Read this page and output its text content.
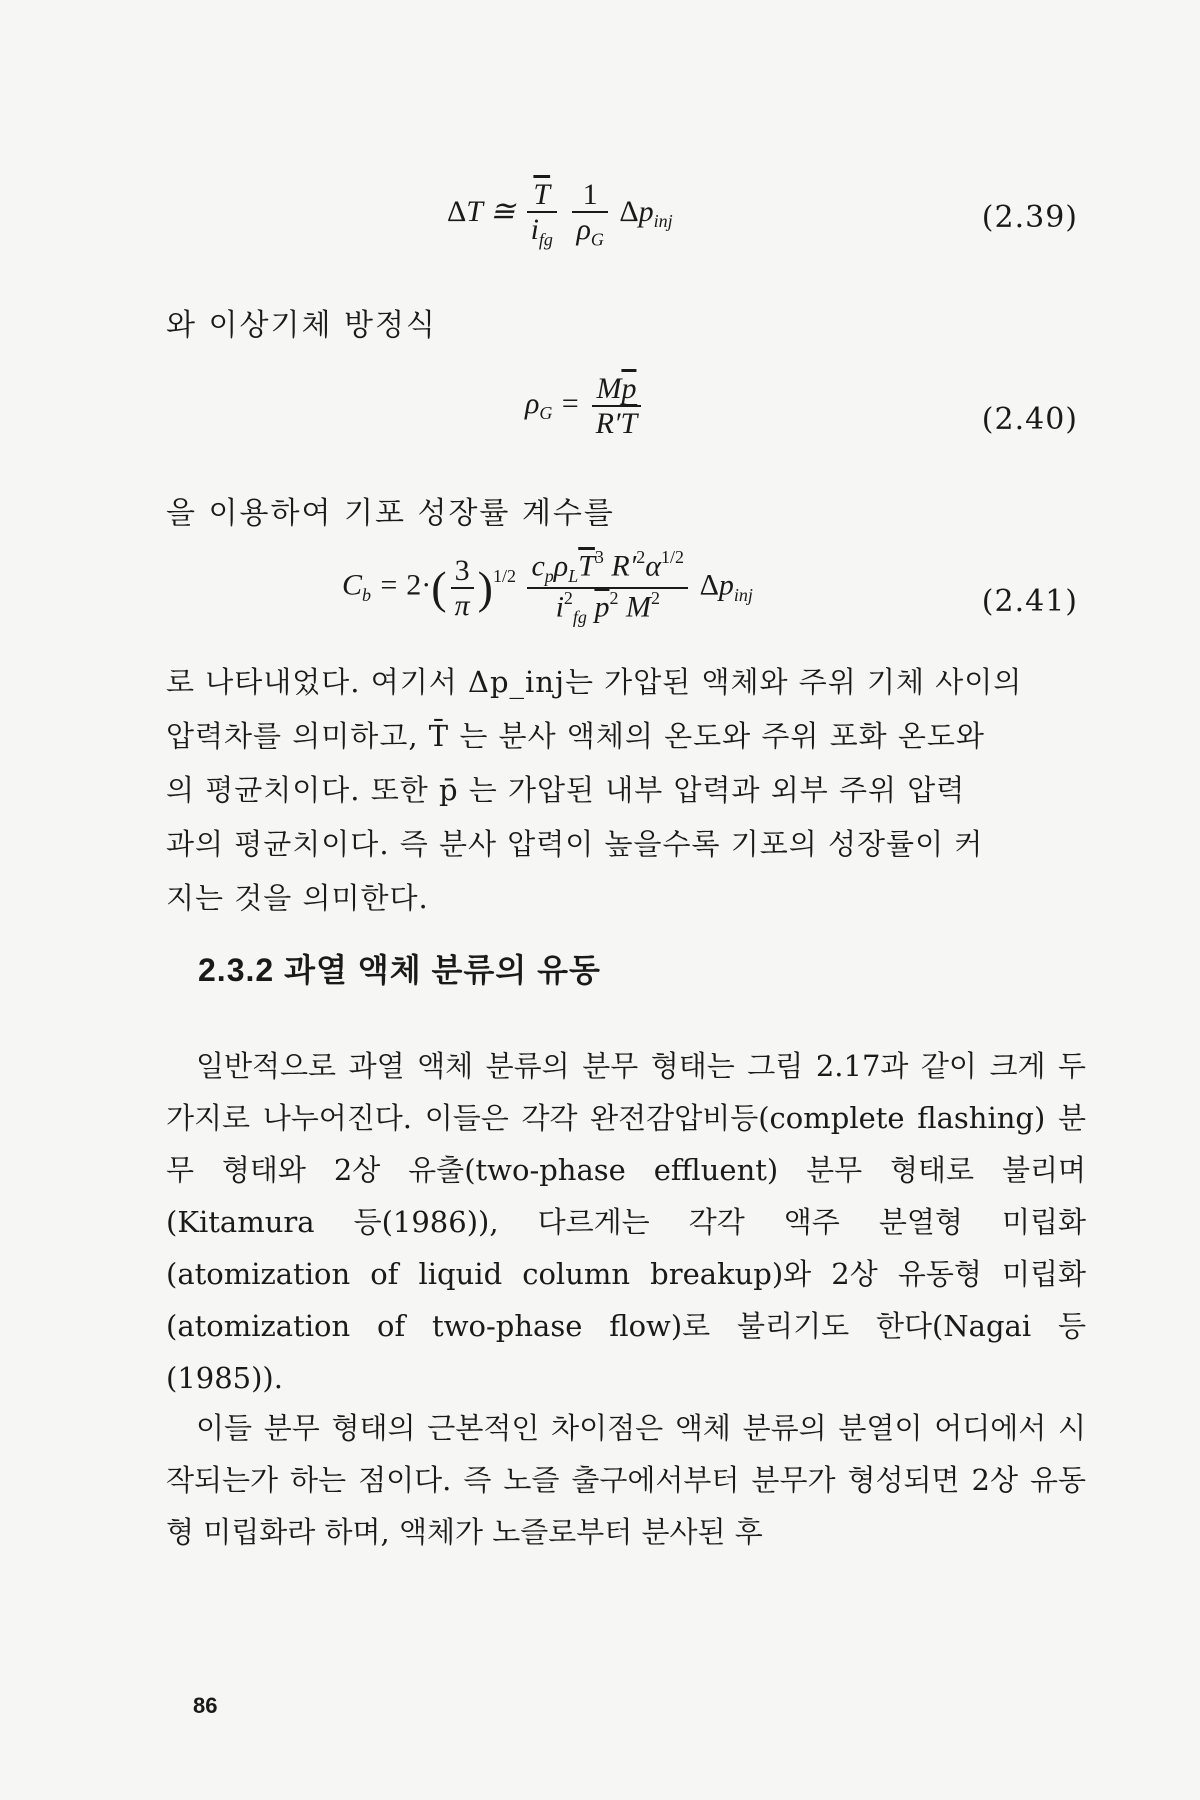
ΔT ≅ $\frac{\overline{T}}{i_{fg}}$
$\frac{1}{\rho_G} \Delta p_{inj}$	(2.39)
와 이상기체 방정식
$\rho_G = \frac{M\overline{p}}{R'\overline{T}}$	(2.40)
을 이용하여 기포 성장률 계수를
$C_b = 2\cdot( \frac{3}{\pi} )^{1/2} \frac{c_p\rho_L\overline{T}^3 R'^2\alpha^{1/2}}{i^2_{fg} \overline{p}^2 M^2} \Delta p_{inj}$	(2.41)

로 나타내었다. 여기서 Δp_inj는 가압된 액체와 주위 기체 사이의

압력차를 의미하고, T̄ 는 분사 액체의 온도와 주위 포화 온도와

의 평균치이다. 또한 p̄ 는 가압된 내부 압력과 외부 주위 압력

과의 평균치이다. 즉 분사 압력이 높을수록 기포의 성장률이 커

지는 것을 의미한다.

2.3.2 과열 액체 분류의 유동

일반적으로 과열 액체 분류의 분무 형태는 그림 2.17과 같이 크게 두 가지로 나누어진다. 이들은 각각 완전감압비등(complete flashing) 분무 형태와 2상 유출(two-phase effluent) 분무 형태로 불리며(Kitamura 등(1986)), 다르게는 각각 액주 분열형 미립화 (atomization of liquid column breakup)와 2상 유동형 미립화 (atomization of two-phase flow)로 불리기도 한다(Nagai 등 (1985)).

이들 분무 형태의 근본적인 차이점은 액체 분류의 분열이 어디에서 시작되는가 하는 점이다. 즉 노즐 출구에서부터 분무가 형성되면 2상 유동형 미립화라 하며, 액체가 노즐로부터 분사된 후

86
